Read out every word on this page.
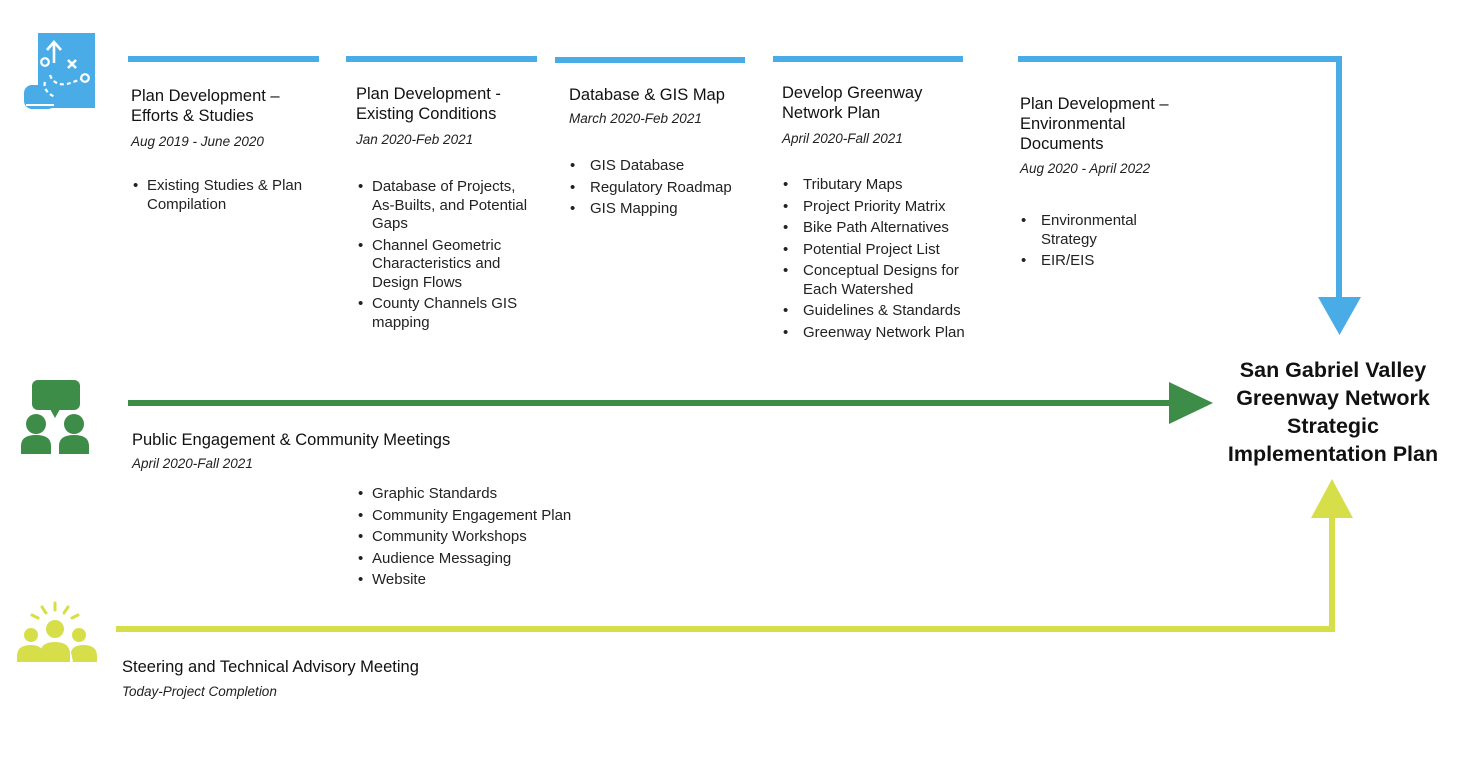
Plan Development – Efforts & Studies
Aug 2019 - June 2020
• Existing Studies & Plan Compilation
Plan Development - Existing Conditions
Jan 2020-Feb 2021
• Database of Projects, As-Builts, and Potential Gaps
• Channel Geometric Characteristics and Design Flows
• County Channels GIS mapping
Database & GIS Map
March 2020-Feb 2021
• GIS Database
• Regulatory Roadmap
• GIS Mapping
Develop Greenway Network Plan
April 2020-Fall 2021
• Tributary Maps
• Project Priority Matrix
• Bike Path Alternatives
• Potential Project List
• Conceptual Designs for Each Watershed
• Guidelines & Standards
• Greenway Network Plan
Plan Development – Environmental Documents
Aug 2020 - April 2022
• Environmental Strategy
• EIR/EIS
Public Engagement & Community Meetings
April 2020-Fall 2021
• Graphic Standards
• Community Engagement Plan
• Community Workshops
• Audience Messaging
• Website
Steering and Technical Advisory Meeting
Today-Project Completion
San Gabriel Valley
Greenway Network
Strategic
Implementation Plan
